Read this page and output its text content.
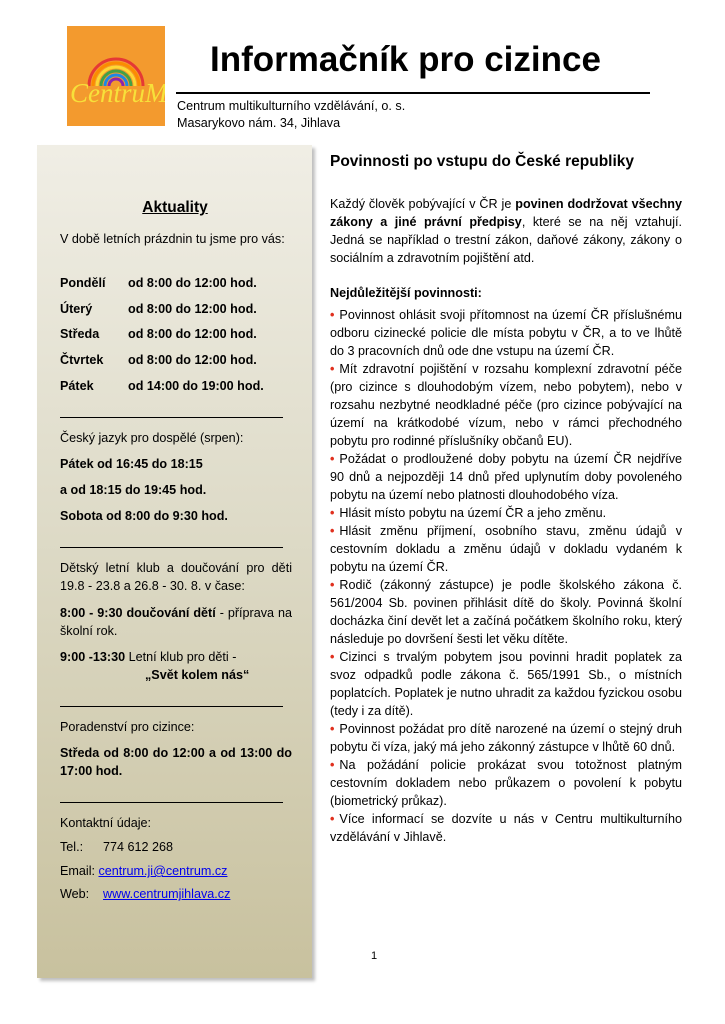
CentruM
Informačník pro cizince
Centrum multikulturního vzdělávání, o. s.
Masarykovo nám. 34, Jihlava
Aktuality
V době letních prázdnin tu jsme pro vás:
Pondělí od 8:00 do 12:00 hod.
Úterý	od 8:00 do 12:00 hod.
Středa od 8:00 do 12:00 hod.
Čtvrtek od 8:00 do 12:00 hod.
Pátek	od 14:00 do 19:00 hod.
Český jazyk pro dospělé (srpen):
Pátek od 16:45 do 18:15
a od 18:15 do 19:45 hod.
Sobota od 8:00 do 9:30 hod.
Dětský letní klub a doučování pro děti 19.8 - 23.8 a 26.8 - 30. 8. v čase:
8:00 - 9:30 doučování dětí - příprava na školní rok.
9:00 -13:30 Letní klub pro děti -
„Svět kolem nás“
Poradenství pro cizince:
Středa od 8:00 do 12:00 a od 13:00 do 17:00 hod.
Kontaktní údaje:
Tel.: 774 612 268
Email: centrum.ji@centrum.cz
Web: www.centrumjihlava.cz
Povinnosti po vstupu do České republiky
Každý člověk pobývající v ČR je povinen dodržovat všechny zákony a jiné právní předpisy, které se na něj vztahují. Jedná se například o trestní zákon, daňové zákony, zákony o sociálním a zdravotním pojištění atd.
Nejdůležitější povinnosti:
• Povinnost ohlásit svoji přítomnost na území ČR příslušnému odboru cizinecké policie dle místa pobytu v ČR, a to ve lhůtě do 3 pracovních dnů ode dne vstupu na území ČR.
• Mít zdravotní pojištění v rozsahu komplexní zdravotní péče (pro cizince s dlouhodobým vízem, nebo pobytem), nebo v rozsahu nezbytné neodkladné péče (pro cizince pobývající na území na krátkodobé vízum, nebo v rámci přechodného pobytu pro rodinné příslušníky občanů EU).
• Požádat o prodloužené doby pobytu na území ČR nejdříve 90 dnů a nejpozději 14 dnů před uplynutím doby povoleného pobytu na území nebo platnosti dlouhodobého víza.
• Hlásit místo pobytu na území ČR a jeho změnu.
• Hlásit změnu příjmení, osobního stavu, změnu údajů v cestovním dokladu a změnu údajů v dokladu vydaném k pobytu na území ČR.
• Rodič (zákonný zástupce) je podle školského zákona č. 561/2004 Sb. povinen přihlásit dítě do školy. Povinná školní docházka činí devět let a začíná počátkem školního roku, který následuje po dovršení šesti let věku dítěte.
• Cizinci s trvalým pobytem jsou povinni hradit poplatek za svoz odpadků podle zákona č. 565/1991 Sb., o místních poplatcích. Poplatek je nutno uhradit za každou fyzickou osobu (tedy i za dítě).
• Povinnost požádat pro dítě narozené na území o stejný druh pobytu či víza, jaký má jeho zákonný zástupce v lhůtě 60 dnů.
• Na požádání policie prokázat svou totožnost platným cestovním dokladem nebo průkazem o povolení k pobytu (biometrický průkaz).
• Více informací se dozvíte u nás v Centru multikulturního vzdělávání v Jihlavě.
1
